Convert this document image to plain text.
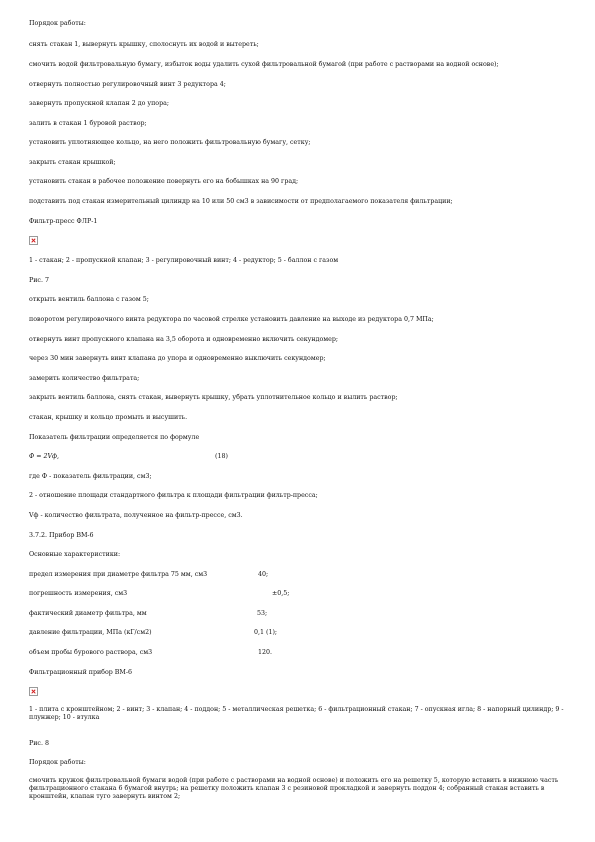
Порядок работы:
снять стакан 1, вывернуть крышку, сполоснуть их водой и вытереть;
смочить водой фильтровальную бумагу, избыток воды удалить сухой фильтровальной бумагой (при работе с растворами на водной основе);
отвернуть полностью регулировочный винт 3 редуктора 4;
завернуть пропускной клапан 2 до упора;
залить в стакан 1 буровой раствор;
установить уплотняющее кольцо, на него положить фильтровальную бумагу, сетку;
закрыть стакан крышкой;
установить стакан в рабочее положение повернуть его на бобышках на 90 град;
подставить под стакан измерительный цилиндр на 10 или 50 см3 в зависимости от предполагаемого показателя фильтрации;
Фильтр-пресс ФЛР-1
1 - стакан; 2 - пропускной клапан; 3 - регулировочный винт; 4 - редуктор; 5 - баллон с газом
Рис. 7
открыть вентиль баллона с газом 5;
поворотом регулировочного винта редуктора по часовой стрелке установить давление на выходе из редуктора 0,7 МПа;
отвернуть винт пропускного клапана на 3,5 оборота и одновременно включить секундомер;
через 30 мин завернуть винт клапана до упора и одновременно выключить секундомер;
замерить количество фильтрата;
закрыть вентиль баллона, снять стакан, вывернуть крышку, убрать уплотнительное кольцо и вылить раствор;
стакан, крышку и кольцо промыть и высушить.
Показатель фильтрации определяется по формуле
Ф = 2Vф,	(18)
где Ф - показатель фильтрации, см3;
2 - отношение площади стандартного фильтра к площади фильтрации фильтр-пресса;
Vф - количество фильтрата, полученное на фильтр-прессе, см3.
3.7.2. Прибор ВМ-6
Основные характеристики:
предел измерения при диаметре фильтра 75 мм, см3	40;
погрешность измерения, см3	±0,5;
фактический диаметр фильтра, мм	53;
давление фильтрации, МПа (кГ/см2)	0,1 (1);
объем пробы бурового раствора, см3	120.
Фильтрационный прибор ВМ-6
1 - плита с кронштейном; 2 - винт; 3 - клапан; 4 - поддон; 5 - металлическая решетка; 6 - фильтрационный стакан; 7 - опускная игла; 8 - напорный цилиндр; 9 - плунжер; 10 - втулка
Рис. 8
Порядок работы:
смочить кружок фильтровальной бумаги водой (при работе с растворами на водной основе) и положить его на решетку 5, которую вставить в нижнюю часть фильтрационного стакана 6 бумагой внутрь; на решетку положить клапан 3 с резиновой прокладкой и завернуть поддон 4; собранный стакан вставить в кронштейн, клапан туго завернуть винтом 2;
